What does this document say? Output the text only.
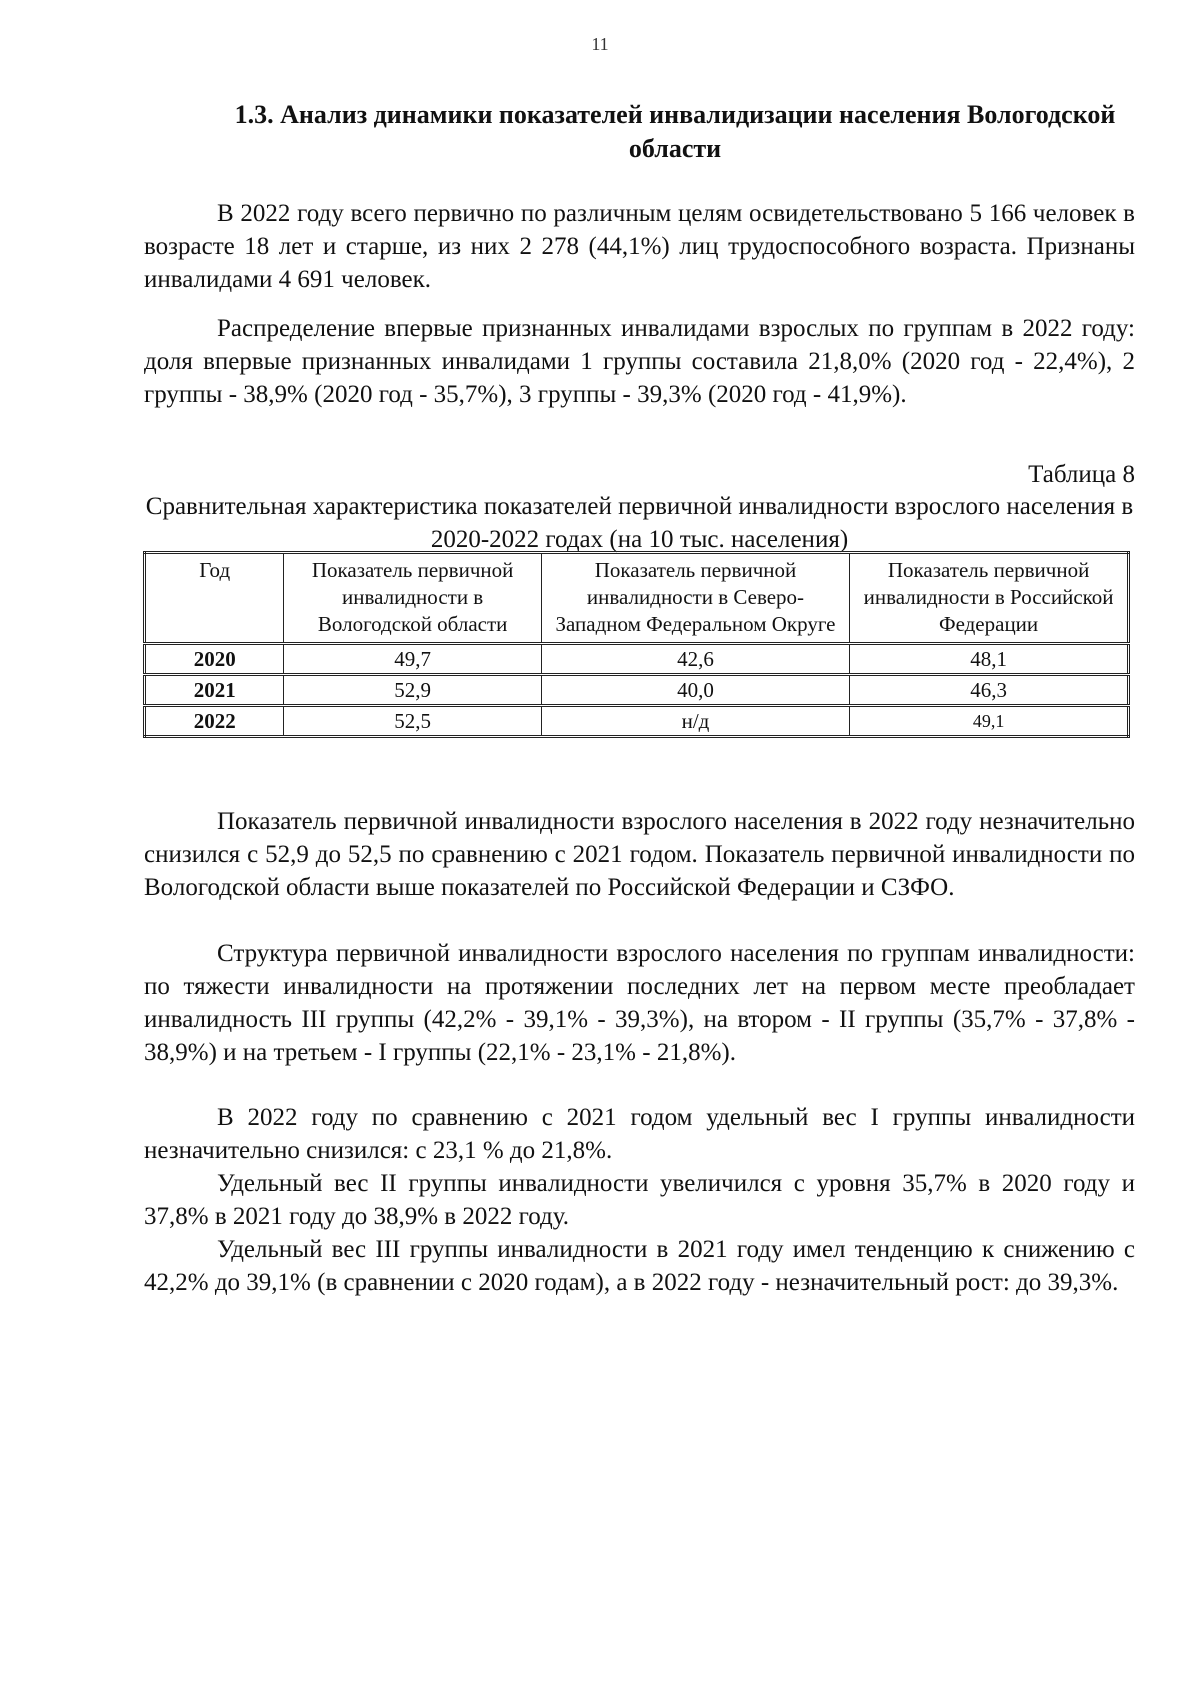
11
1.3. Анализ динамики показателей инвалидизации населения Вологодской области

В 2022 году всего первично по различным целям освидетельствовано 5 166 человек в возрасте 18 лет и старше, из них 2 278 (44,1%) лиц трудоспособного возраста. Признаны инвалидами 4 691 человек.

Распределение впервые признанных инвалидами взрослых по группам в 2022 году: доля впервые признанных инвалидами 1 группы составила 21,8,0% (2020 год - 22,4%), 2 группы - 38,9% (2020 год - 35,7%), 3 группы - 39,3% (2020 год - 41,9%).

Таблица 8
Сравнительная характеристика показателей первичной инвалидности взрослого населения в 2020-2022 годах (на 10 тыс. населения)
Год	Показатель первичной инвалидности в Вологодской области	Показатель первичной инвалидности в Северо-Западном Федеральном Округе	Показатель первичной инвалидности в Российской Федерации
2020	49,7	42,6	48,1
2021	52,9	40,0	46,3
2022	52,5	н/д	49,1

Показатель первичной инвалидности взрослого населения в 2022 году незначительно снизился с 52,9 до 52,5 по сравнению с 2021 годом. Показатель первичной инвалидности по Вологодской области выше показателей по Российской Федерации и СЗФО.

Структура первичной инвалидности взрослого населения по группам инвалидности: по тяжести инвалидности на протяжении последних лет на первом месте преобладает инвалидность III группы (42,2% - 39,1% - 39,3%), на втором - II группы (35,7% - 37,8% - 38,9%) и на третьем - I группы (22,1% - 23,1% - 21,8%).

В 2022 году по сравнению с 2021 годом удельный вес I группы инвалидности незначительно снизился: с 23,1 % до 21,8%.

Удельный вес II группы инвалидности увеличился с уровня 35,7% в 2020 году и 37,8% в 2021 году до 38,9% в 2022 году.

Удельный вес III группы инвалидности в 2021 году имел тенденцию к снижению с 42,2% до 39,1% (в сравнении с 2020 годам), а в 2022 году - незначительный рост: до 39,3%.
